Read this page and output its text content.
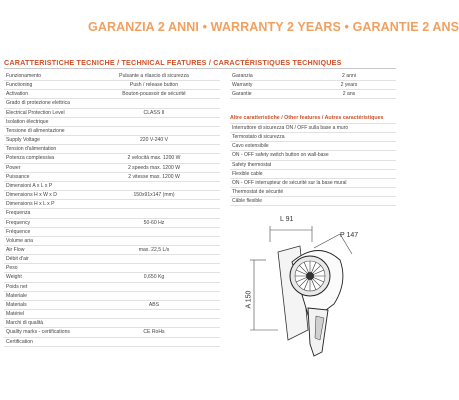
GARANZIA 2 ANNI • WARRANTY 2 YEARS • GARANTIE 2 ANS
CARATTERISTICHE TECNICHE / TECHNICAL FEATURES / CARACTÉRISTIQUES TECHNIQUES
Funzionamento	Pulsante a rilascio di sicurezza
Functioning	Push / release button
Activation	Bouton-poussoir de sécurité
Grado di protezione elettrica
Electrical Protection Level	CLASS II
Isolation électrique
Tensione di alimentazione
Supply Voltage	220 V-240 V
Tension d'alimentation
Potenza complessiva	2 velocità max. 1200 W
Power	2 speeds max. 1200 W
Puissance	2 vitesse max. 1200 W
Dimensioni A x L x P
Dimensions H x W x D	150x91x147 (mm)
Dimensions H x L x P
Frequenza
Frequency	50-60 Hz
Fréquence
Volume aria
Air Flow	max. 22,5 L/s
Débit d'air
Peso
Weight	0,650 Kg
Poids net
Materiale
Materials	ABS
Matériel
Marchi di qualità
Quality marks - certifications	CE RoHs
Certification
Garanzia	2 anni
Warranty	2 years
Garantie	2 ans
Altre caratteristiche / Other features / Autres caractéristiques
Interruttore di sicurezza ON / OFF sulla base a muro
Termostato di sicurezza
Cavo estensibile
ON - OFF safety switch button on wall-base
Safety thermostat
Flexible cable
ON - OFF interrupteur de sécurité sur la base mural
Thermostat de sécurité
Câble flexible
L 91
P 147
A 150
